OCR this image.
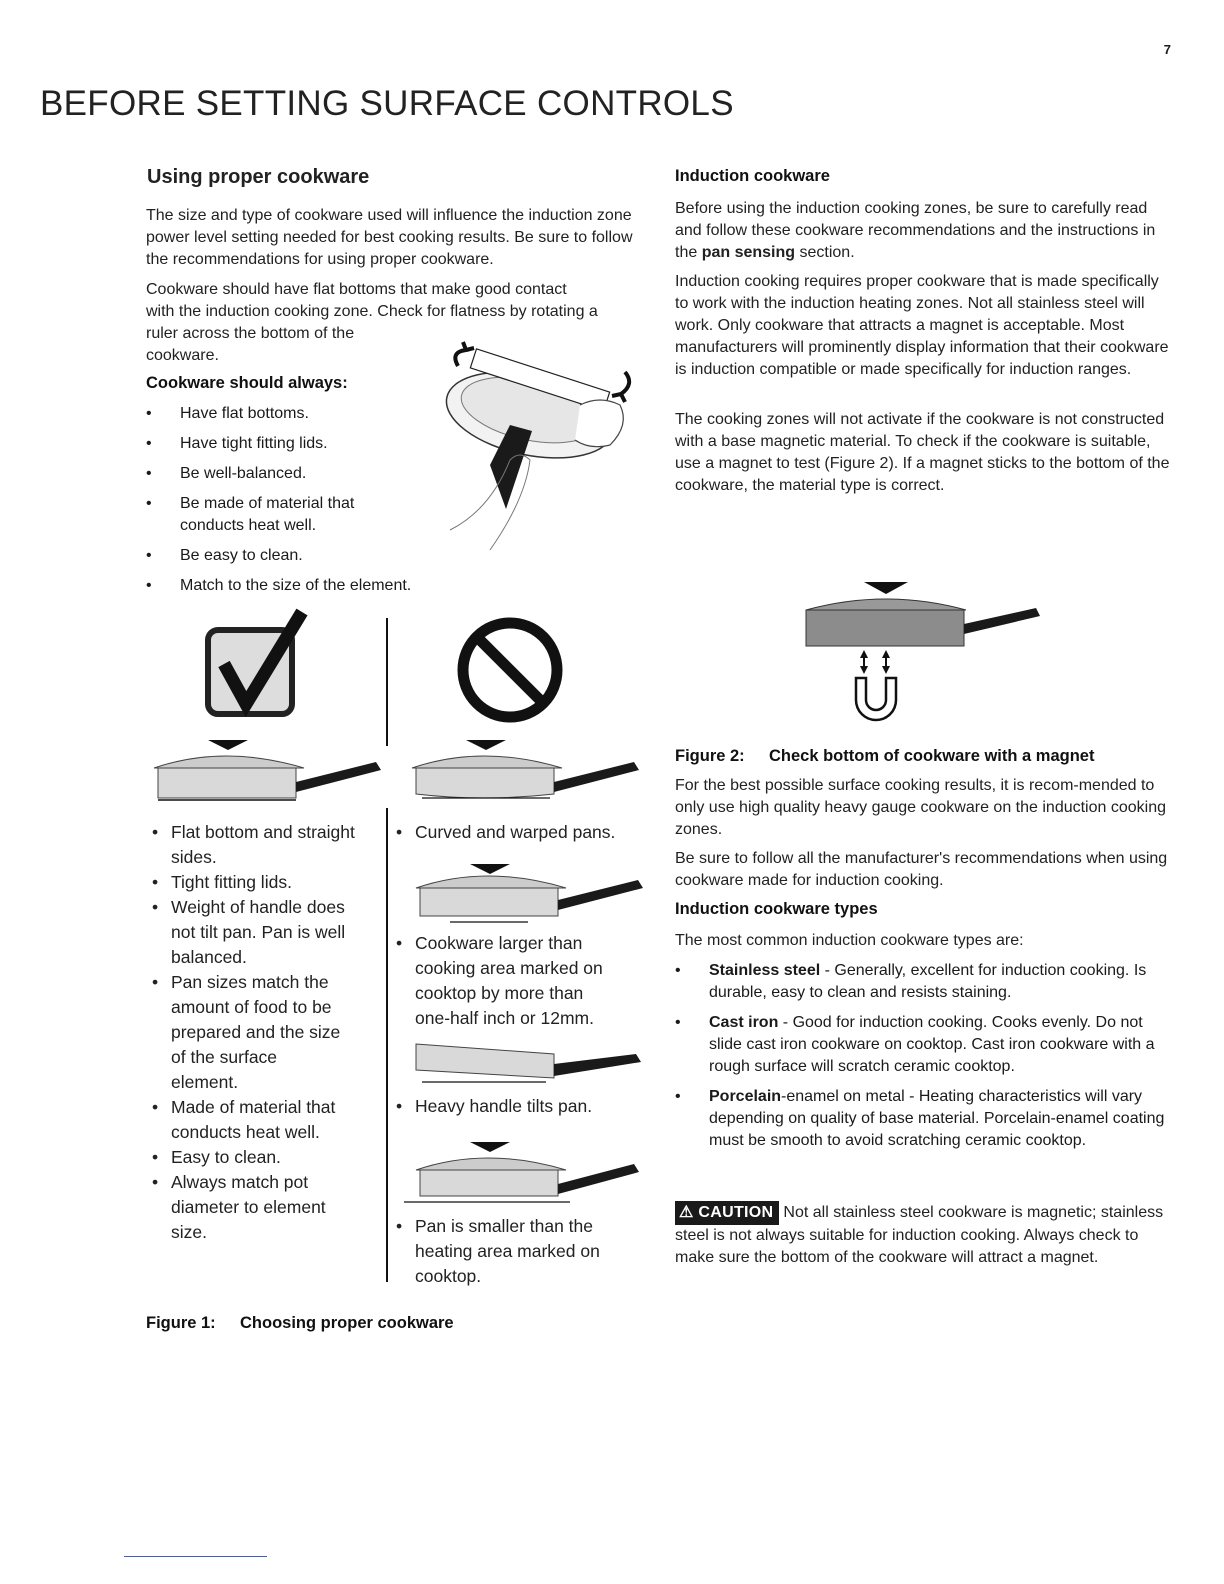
7
BEFORE SETTING SURFACE CONTROLS
Using proper cookware

The size and type of cookware used will influence the induction zone power level setting needed for best cooking results. Be sure to follow the recommendations for using proper cookware.

Cookware should have flat bottoms that make good contact
with the induction cooking zone. Check for flatness by rotating a
ruler across the bottom of the
cookware.
Cookware should always:
• Have flat bottoms.
• Have tight fitting lids.
• Be well-balanced.
• Be made of material that conducts heat well.
• Be easy to clean.
• Match to the size of the element.
• Flat bottom and straight sides.
• Tight fitting lids.
• Weight of handle does not tilt pan. Pan is well balanced.
• Pan sizes match the amount of food to be prepared and the size of the surface element.
• Made of material that conducts heat well.
• Easy to clean.
• Always match pot diameter to element size.
• Curved and warped pans.
• Cookware larger than cooking area marked on cooktop by more than one-half inch or 12mm.
• Heavy handle tilts pan.
• Pan is smaller than the heating area marked on cooktop.
Figure 1: Choosing proper cookware
Induction cookware

Before using the induction cooking zones, be sure to carefully read and follow these cookware recommendations and the instructions in the pan sensing section.

Induction cooking requires proper cookware that is made specifically to work with the induction heating zones. Not all stainless steel will work. Only cookware that attracts a magnet is acceptable. Most manufacturers will prominently display information that their cookware is induction compatible or made specifically for induction ranges.

The cooking zones will not activate if the cookware is not constructed with a base magnetic material. To check if the cookware is suitable, use a magnet to test (Figure 2). If a magnet sticks to the bottom of the cookware, the material type is correct.

Figure 2: Check bottom of cookware with a magnet

For the best possible surface cooking results, it is recom-mended to only use high quality heavy gauge cookware on the induction cooking zones.

Be sure to follow all the manufacturer's recommendations when using cookware made for induction cooking.

Induction cookware types

The most common induction cookware types are:

• Stainless steel - Generally, excellent for induction cooking. Is durable, easy to clean and resists staining.
• Cast iron - Good for induction cooking. Cooks evenly. Do not slide cast iron cookware on cooktop. Cast iron cookware with a rough surface will scratch ceramic cooktop.
• Porcelain-enamel on metal - Heating characteristics will vary depending on quality of base material. Porcelain-enamel coating must be smooth to avoid scratching ceramic cooktop.

⚠ CAUTION Not all stainless steel cookware is magnetic; stainless steel is not always suitable for induction cooking. Always check to make sure the bottom of the cookware will attract a magnet.
